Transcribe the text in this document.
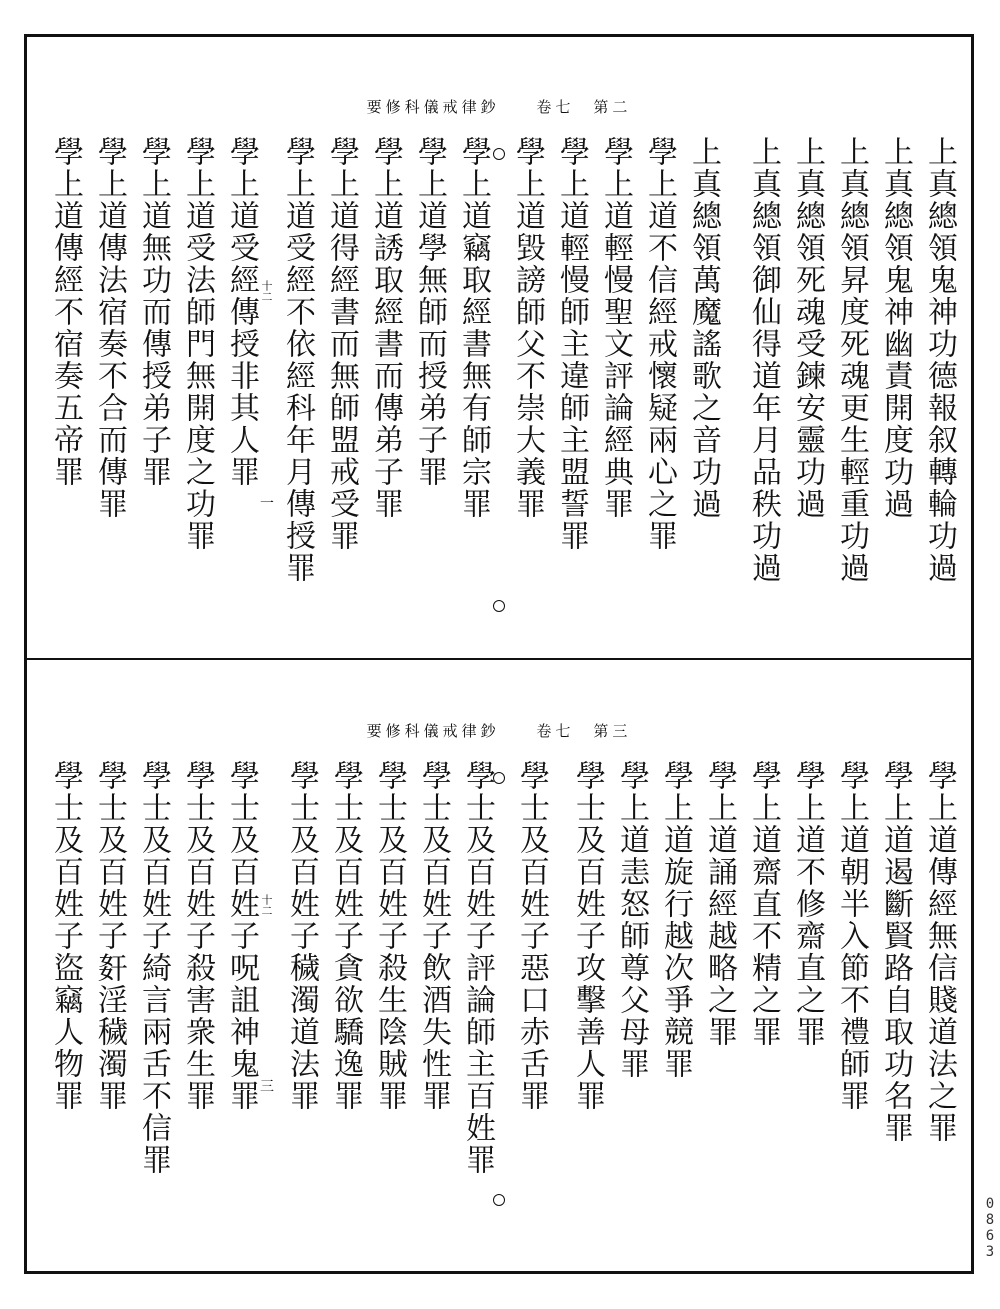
要修科儀戒律鈔 卷七　第二
十二
一	上真總領鬼神功德報叙轉輪功過
上真總領鬼神幽責開度功過
上真總領昇度死魂更生輕重功過
上真總領死魂受鍊安靈功過
上真總領御仙得道年月品秩功過
上真總領萬魔謠歌之音功過
學上道不信經戒懷疑兩心之罪
學上道輕慢聖文評論經典罪
學上道輕慢師主違師主盟誓罪
學上道毀謗師父不崇大義罪
學上道竊取經書無有師宗罪
學上道學無師而授弟子罪
學上道誘取經書而傳弟子罪
學上道得經書而無師盟戒受罪
學上道受經不依經科年月傳授罪
學上道受經傳授非其人罪
學上道受法師門無開度之功罪
學上道無功而傳授弟子罪
學上道傳法宿奏不合而傳罪
學上道傳經不宿奏五帝罪
要修科儀戒律鈔 卷七　第三
十二
三	學上道傳經無信賤道法之罪
學上道遏斷賢路自取功名罪
學上道朝半入節不禮師罪
學上道不修齋直之罪
學上道齋直不精之罪
學上道誦經越略之罪
學上道旋行越次爭競罪
學上道恚怒師尊父母罪
學士及百姓子攻擊善人罪
學士及百姓子惡口赤舌罪
學士及百姓子評論師主百姓罪
學士及百姓子飲酒失性罪
學士及百姓子殺生陰賊罪
學士及百姓子貪欲驕逸罪
學士及百姓子穢濁道法罪
學士及百姓子呪詛神鬼罪
學士及百姓子殺害衆生罪
學士及百姓子綺言兩舌不信罪
學士及百姓子姧淫穢濁罪
學士及百姓子盜竊人物罪
0863
